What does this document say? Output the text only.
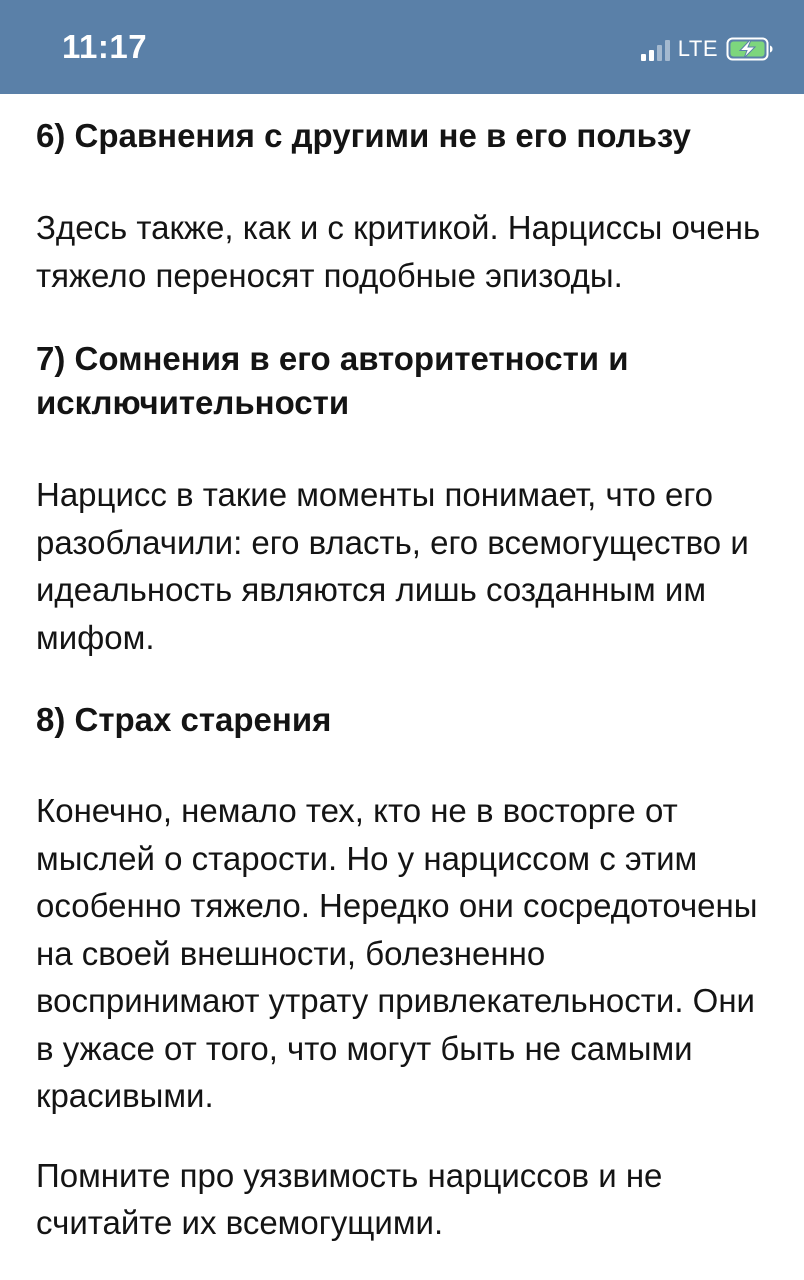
11:17	LTE
6) Сравнения с другими не в его пользу

Здесь также, как и с критикой. Нарциссы очень тяжело переносят подобные эпизоды.

7) Сомнения в его авторитетности и исключительности

Нарцисс в такие моменты понимает, что его разоблачили: его власть, его всемогущество и идеальность являются лишь созданным им мифом.

8) Страх старения

Конечно, немало тех, кто не в восторге от мыслей о старости. Но у нарциссом с этим особенно тяжело. Нередко они сосредоточены на своей внешности, болезненно воспринимают утрату привлекательности. Они в ужасе от того, что могут быть не самыми красивыми.

Помните про уязвимость нарциссов и не считайте их всемогущими.
